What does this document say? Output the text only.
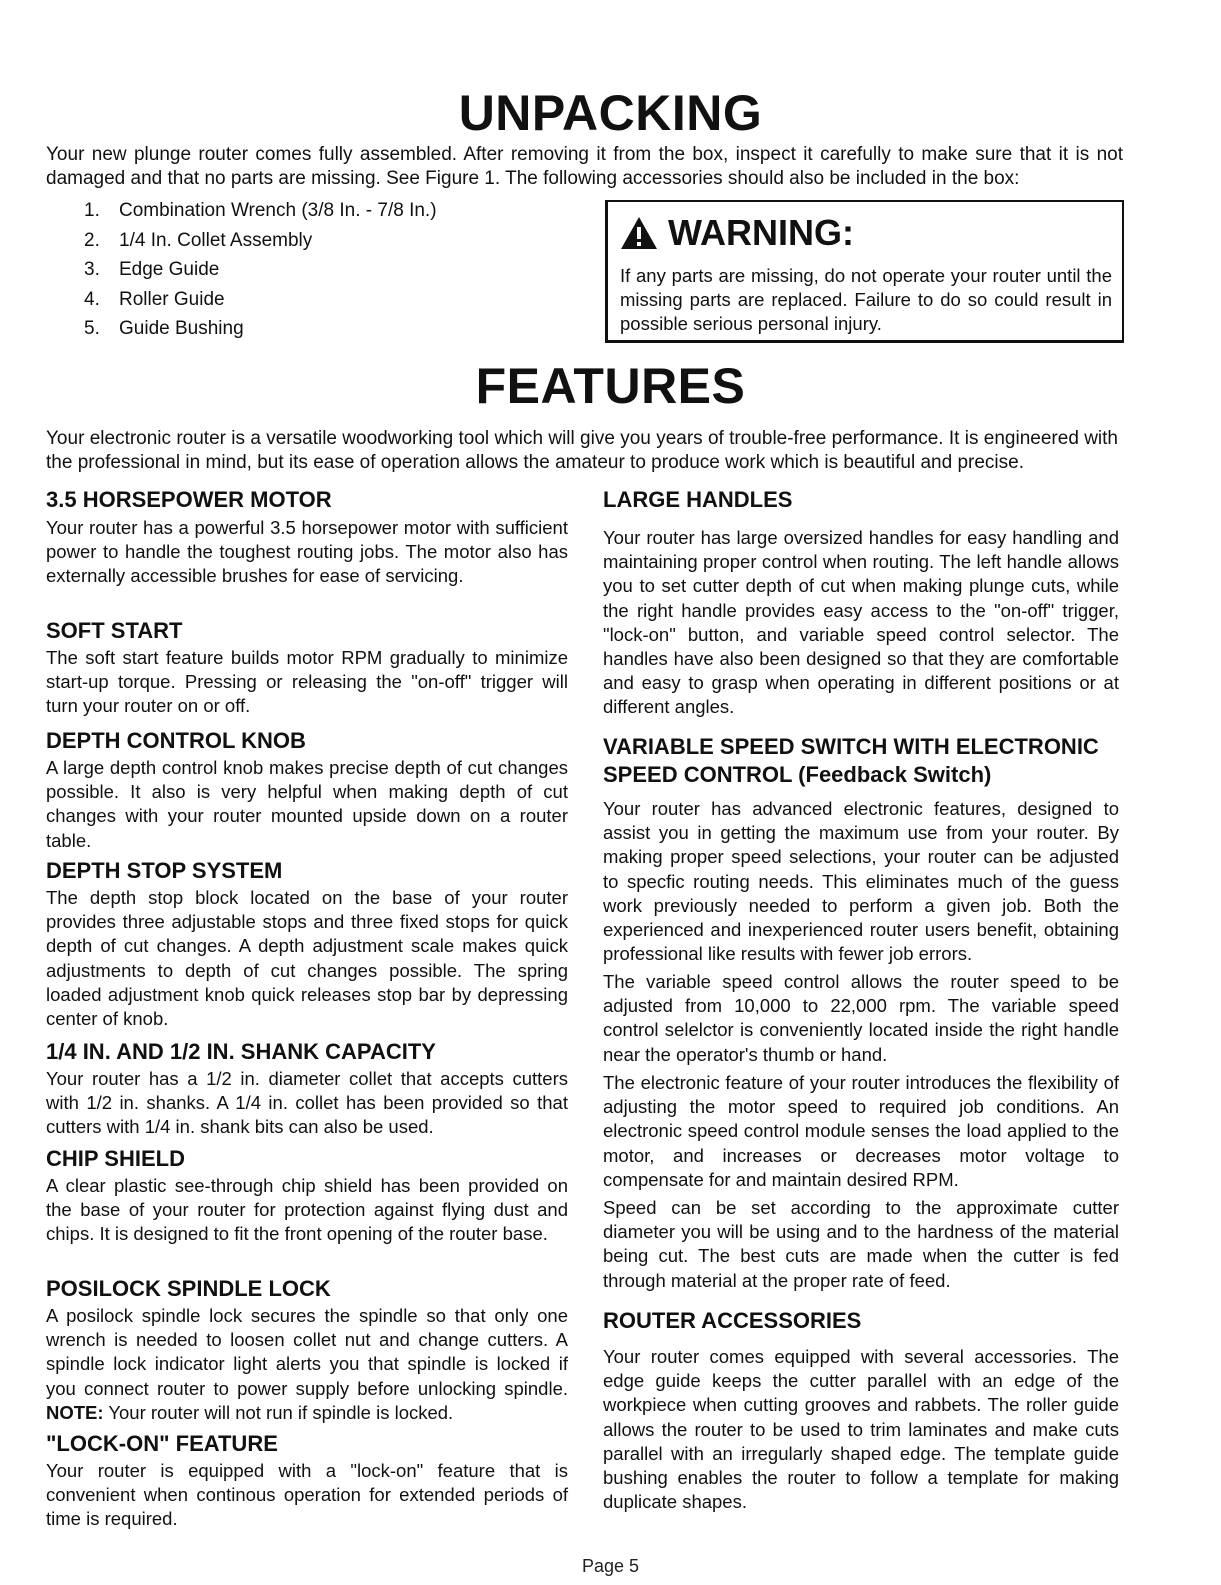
UNPACKING
Your new plunge router comes fully assembled. After removing it from the box, inspect it carefully to make sure that it is not damaged and that no parts are missing. See Figure 1. The following accessories should also be included in the box:
1. Combination Wrench (3/8 In. - 7/8 In.)
2. 1/4 In. Collet Assembly
3. Edge Guide
4. Roller Guide
5. Guide Bushing
WARNING:
If any parts are missing, do not operate your router until the missing parts are replaced. Failure to do so could result in possible serious personal injury.
FEATURES
Your electronic router is a versatile woodworking tool which will give you years of trouble-free performance. It is engineered with the professional in mind, but its ease of operation allows the amateur to produce work which is beautiful and precise.
3.5 HORSEPOWER MOTOR
Your router has a powerful 3.5 horsepower motor with sufficient power to handle the toughest routing jobs. The motor also has externally accessible brushes for ease of servicing.
SOFT START
The soft start feature builds motor RPM gradually to minimize start-up torque. Pressing or releasing the "on-off" trigger will turn your router on or off.
DEPTH CONTROL KNOB
A large depth control knob makes precise depth of cut changes possible. It also is very helpful when making depth of cut changes with your router mounted upside down on a router table.
DEPTH STOP SYSTEM
The depth stop block located on the base of your router provides three adjustable stops and three fixed stops for quick depth of cut changes. A depth adjustment scale makes quick adjustments to depth of cut changes possible. The spring loaded adjustment knob quick releases stop bar by depressing center of knob.
1/4 IN. AND 1/2 IN. SHANK CAPACITY
Your router has a 1/2 in. diameter collet that accepts cutters with 1/2 in. shanks. A 1/4 in. collet has been provided so that cutters with 1/4 in. shank bits can also be used.
CHIP SHIELD
A clear plastic see-through chip shield has been provided on the base of your router for protection against flying dust and chips. It is designed to fit the front opening of the router base.
POSILOCK SPINDLE LOCK
A posilock spindle lock secures the spindle so that only one wrench is needed to loosen collet nut and change cutters. A spindle lock indicator light alerts you that spindle is locked if you connect router to power supply before unlocking spindle. NOTE: Your router will not run if spindle is locked.
"LOCK-ON" FEATURE
Your router is equipped with a "lock-on" feature that is convenient when continous operation for extended periods of time is required.
LARGE HANDLES
Your router has large oversized handles for easy handling and maintaining proper control when routing. The left handle allows you to set cutter depth of cut when making plunge cuts, while the right handle provides easy access to the "on-off" trigger, "lock-on" button, and variable speed control selector. The handles have also been designed so that they are comfortable and easy to grasp when operating in different positions or at different angles.
VARIABLE SPEED SWITCH WITH ELECTRONIC SPEED CONTROL (Feedback Switch)
Your router has advanced electronic features, designed to assist you in getting the maximum use from your router. By making proper speed selections, your router can be adjusted to specfic routing needs. This eliminates much of the guess work previously needed to perform a given job. Both the experienced and inexperienced router users benefit, obtaining professional like results with fewer job errors.
The variable speed control allows the router speed to be adjusted from 10,000 to 22,000 rpm. The variable speed control selelctor is conveniently located inside the right handle near the operator's thumb or hand.
The electronic feature of your router introduces the flexibility of adjusting the motor speed to required job conditions. An electronic speed control module senses the load applied to the motor, and increases or decreases motor voltage to compensate for and maintain desired RPM.
Speed can be set according to the approximate cutter diameter you will be using and to the hardness of the material being cut. The best cuts are made when the cutter is fed through material at the proper rate of feed.
ROUTER ACCESSORIES
Your router comes equipped with several accessories. The edge guide keeps the cutter parallel with an edge of the workpiece when cutting grooves and rabbets. The roller guide allows the router to be used to trim laminates and make cuts parallel with an irregularly shaped edge. The template guide bushing enables the router to follow a template for making duplicate shapes.
Page 5
